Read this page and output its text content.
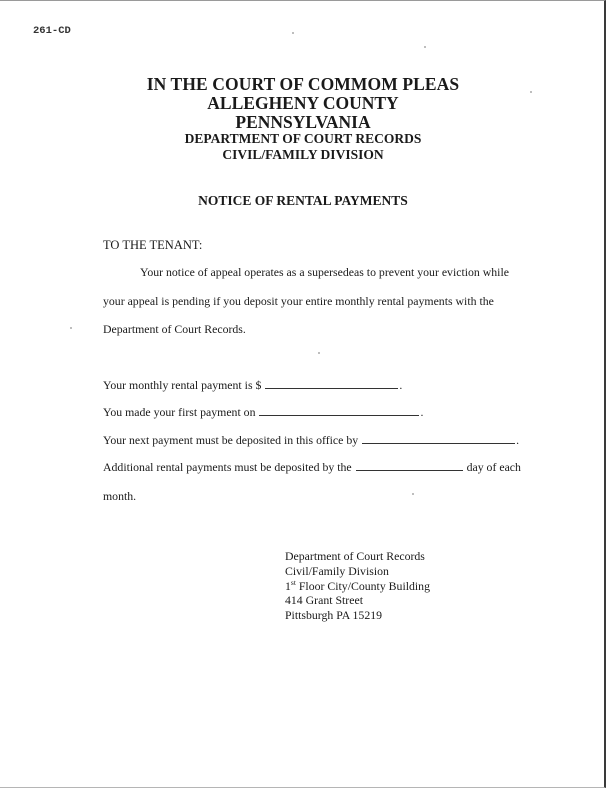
261-CD
IN THE COURT OF COMMOM PLEAS
ALLEGHENY COUNTY
PENNSYLVANIA
DEPARTMENT OF COURT RECORDS
CIVIL/FAMILY DIVISION
NOTICE OF RENTAL PAYMENTS
TO THE TENANT:
Your notice of appeal operates as a supersedeas to prevent your eviction while
your appeal is pending if you deposit your entire monthly rental payments with the
Department of Court Records.
Your monthly rental payment is $	.
You made your first payment on	.
Your next payment must be deposited in this office by	.
Additional rental payments must be deposited by the	day of each
month.
Department of Court Records
Civil/Family Division
1st Floor City/County Building
414 Grant Street
Pittsburgh PA 15219
